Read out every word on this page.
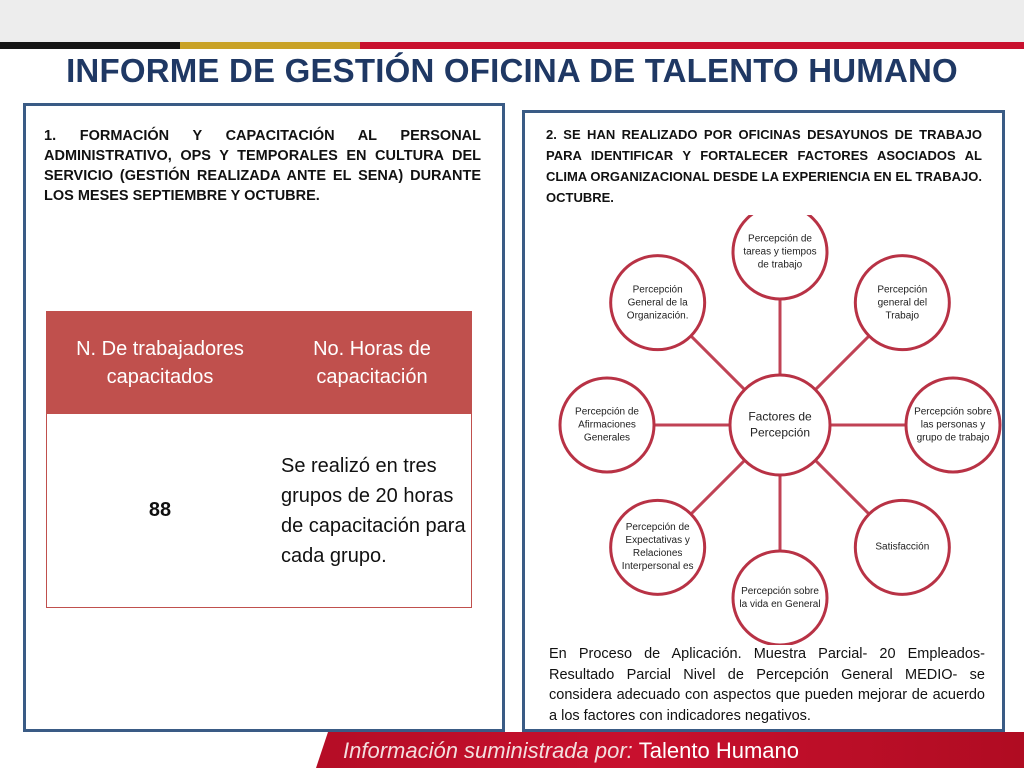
INFORME DE GESTIÓN OFICINA DE TALENTO HUMANO
1. FORMACIÓN Y CAPACITACIÓN AL PERSONAL ADMINISTRATIVO, OPS Y TEMPORALES EN CULTURA DEL SERVICIO (GESTIÓN REALIZADA ANTE EL SENA) DURANTE LOS MESES SEPTIEMBRE Y OCTUBRE.
N. De trabajadores capacitados	No. Horas de capacitación
88	Se realizó en tres grupos de 20 horas de capacitación para cada grupo.
2. SE HAN REALIZADO POR OFICINAS DESAYUNOS DE TRABAJO PARA IDENTIFICAR Y FORTALECER FACTORES ASOCIADOS AL CLIMA ORGANIZACIONAL DESDE LA EXPERIENCIA EN EL TRABAJO. OCTUBRE.
Percepción de tareas y tiempos de trabajo
Percepción general del Trabajo
Percepción sobre las personas y grupo de trabajo
Satisfacción
Percepción sobre la vida en General
Percepción de Expectativas y Relaciones Interpersonal es
Percepción de Afirmaciones Generales
Percepción General de la Organización.
Factores de Percepción
En Proceso de Aplicación. Muestra Parcial- 20 Empleados- Resultado Parcial Nivel de Percepción General MEDIO- se considera adecuado con aspectos que pueden mejorar de acuerdo a los factores con indicadores negativos.
Información suministrada por: Talento Humano
